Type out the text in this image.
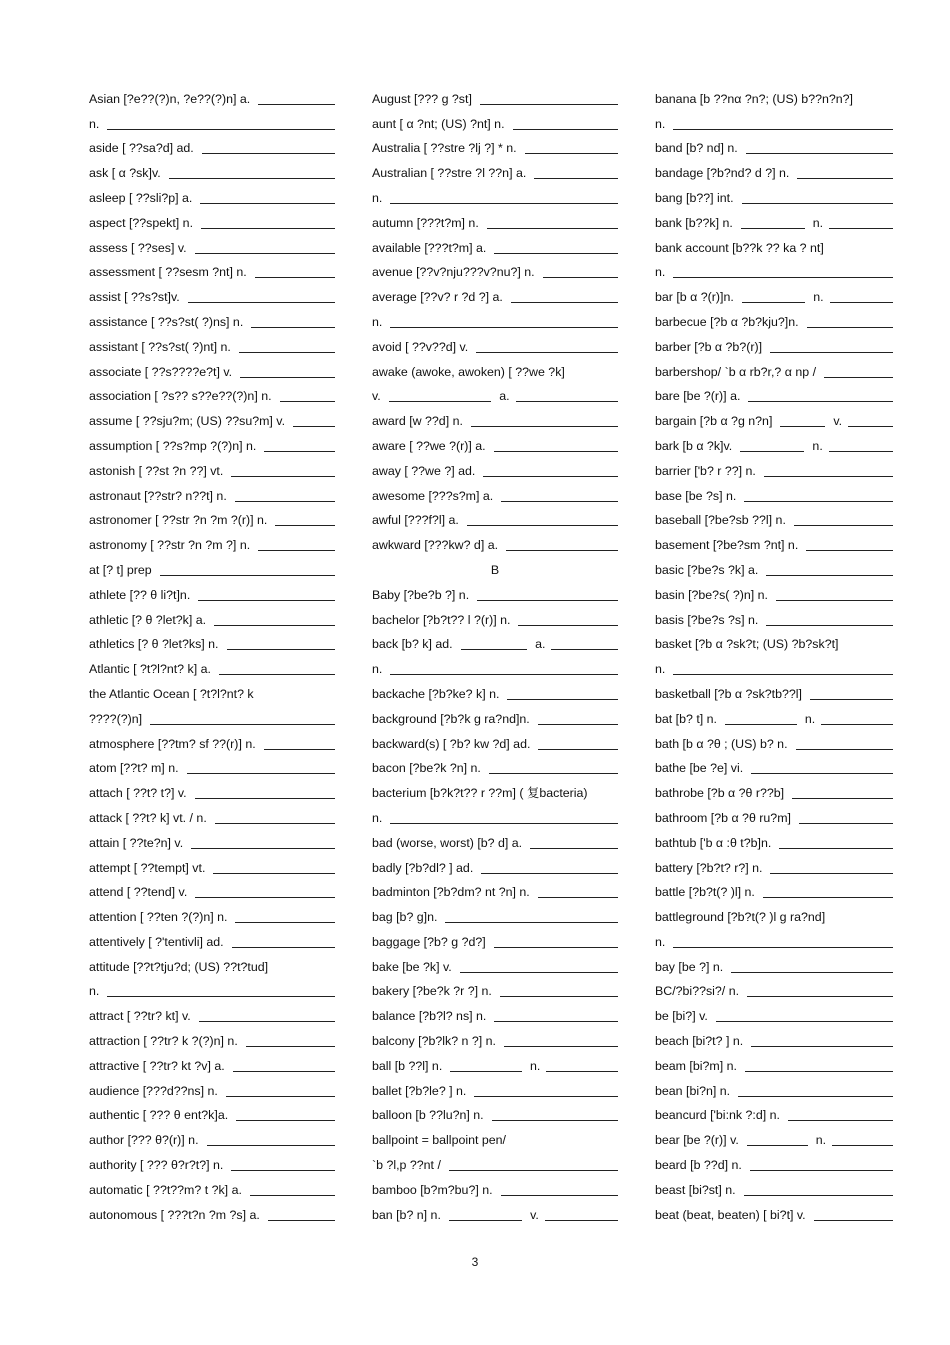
Asian [?e??(?)n, ?e??(?)n] a.
n.
aside [ ??sa?d] ad.
ask [ α ?sk]v.
asleep [ ??sli?p] a.
aspect [??spekt] n.
assess [ ??ses] v.
assessment [ ??sesm ?nt] n.
assist [ ??s?st]v.
assistance [ ??s?st( ?)ns] n.
assistant [ ??s?st( ?)nt] n.
associate [ ??s????e?t] v.
association [ ?s?? s??e??(?)n] n.
assume [ ??sju?m; (US) ??su?m] v.
assumption [ ??s?mp ?(?)n] n.
astonish [ ??st ?n ??] vt.
astronaut [??str? n??t] n.
astronomer [ ??str ?n ?m ?(r)] n.
astronomy [ ??str ?n ?m ?] n.
at [? t] prep
athlete [?? θ li?t]n.
athletic [? θ ?let?k] a.
athletics [? θ ?let?ks] n.
Atlantic [ ?t?l?nt? k] a.
the Atlantic Ocean [ ?t?l?nt? k
????(?)n]
atmosphere [??tm? sf ??(r)] n.
atom [??t? m] n.
attach [ ??t? t?] v.
attack [ ??t? k] vt. / n.
attain [ ??te?n] v.
attempt [ ??tempt] vt.
attend [ ??tend] v.
attention [ ??ten ?(?)n] n.
attentively [ ?'tentivli] ad.
attitude [??t?tju?d; (US) ??t?tud]
n.
attract [ ??tr? kt] v.
attraction [ ??tr? k ?(?)n] n.
attractive [ ??tr? kt ?v] a.
audience [???d??ns] n.
authentic [ ??? θ ent?k]a.
author [??? θ?(r)] n.
authority [ ??? θ?r?t?] n.
automatic [ ??t??m? t ?k] a.
autonomous [ ???t?n ?m ?s] a.
August [??? ɡ ?st]
aunt [ α ?nt; (US) ?nt] n.
Australia [ ??stre ?lj ?] * n.
Australian [ ??stre ?l ??n] a.
n.
autumn [???t?m] n.
available [???t?m] a.
avenue [??v?nju???v?nu?] n.
average [??v? r ?d ?] a.
n.
avoid [ ??v??d] v.
awake (awoke, awoken) [ ??we ?k]
v.	a.
award [w ??d] n.
aware [ ??we ?(r)] a.
away [ ??we ?] ad.
awesome [???s?m] a.
awful [???f?l] a.
awkward [???kw? d] a.
B
Baby [?be?b ?] n.
bachelor [?b?t?? l ?(r)] n.
back [b? k] ad.	a.
n.
backache [?b?ke? k] n.
background [?b?k ɡ ra?nd]n.
backward(s) [ ?b? kw ?d] ad.
bacon [?be?k ?n] n.
bacterium [b?k?t?? r ??m] ( 复bacteria)
n.
bad (worse, worst) [b? d] a.
badly [?b?dl? ] ad.
badminton [?b?dm? nt ?n] n.
bag [b? ɡ]n.
baggage [?b? ɡ ?d?]
bake [be ?k] v.
bakery [?be?k ?r ?] n.
balance [?b?l? ns] n.
balcony [?b?lk? n ?] n.
ball [b ??l] n.	n.
ballet [?b?le? ] n.
balloon [b ??lu?n] n.
ballpoint = ballpoint pen/
`b ?l,p ??nt /
bamboo [b?m?bu?] n.
ban [b? n] n.	v.
banana [b ??nα ?n?; (US) b??n?n?]
n.
band [b? nd] n.
bandage [?b?nd? d ?] n.
bang [b??] int.
bank [b??k] n.	n.
bank account [b??k ?? ka ? nt]
n.
bar [b α ?(r)]n.	n.
barbecue [?b α ?b?kju?]n.
barber [?b α ?b?(r)]
barbershop/ `b α rb?r,? α np /
bare [be ?(r)] a.
bargain [?b α ?ɡ n?n]	v.
bark [b α ?k]v.	n.
barrier ['b? r ??] n.
base [be ?s] n.
baseball [?be?sb ??l] n.
basement [?be?sm ?nt] n.
basic [?be?s ?k] a.
basin [?be?s( ?)n] n.
basis [?be?s ?s] n.
basket [?b α ?sk?t; (US) ?b?sk?t]
n.
basketball [?b α ?sk?tb??l]
bat [b? t] n.	n.
bath [b α ?θ ; (US) b? n.
bathe [be ?e] vi.
bathrobe [?b α ?θ r??b]
bathroom [?b α ?θ ru?m]
bathtub ['b α :θ t?b]n.
battery [?b?t? r?] n.
battle [?b?t(? )l] n.
battleground [?b?t(? )l ɡ ra?nd]
n.
bay [be ?] n.
BC/?bi??si?/ n.
be [bi?] v.
beach [bi?t? ] n.
beam [bi?m] n.
bean [bi?n] n.
beancurd ['bi:nk ?:d] n.
bear [be ?(r)] v.	n.
beard [b ??d] n.
beast [bi?st] n.
beat (beat, beaten) [ bi?t] v.
3
